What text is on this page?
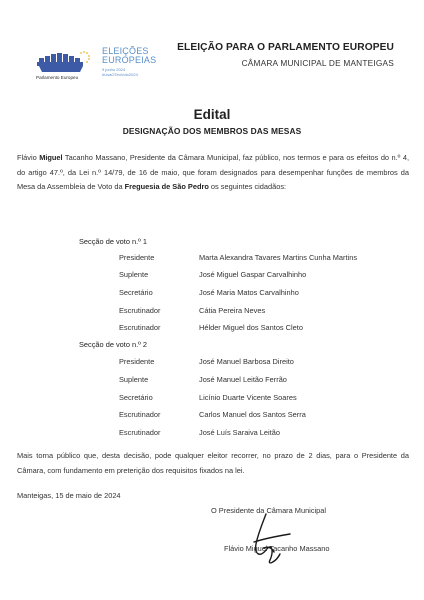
Parlamento Europeu
ELEIÇÕES
EUROPEIAS
9 junho 2024
#UsaOTeuVoto2024
ELEIÇÃO PARA O PARLAMENTO EUROPEU
CÂMARA MUNICIPAL DE MANTEIGAS
Edital
DESIGNAÇÃO DOS MEMBROS DAS MESAS
Flávio Miguel Tacanho Massano, Presidente da Câmara Municipal, faz público, nos termos e para os efeitos do n.º 4, do artigo 47.º, da Lei n.º 14/79, de 16 de maio, que foram designados para desempenhar funções de membros da Mesa da Assembleia de Voto da Freguesia de São Pedro os seguintes cidadãos:
Secção de voto n.º 1
Presidente	Marta Alexandra Tavares Martins Cunha Martins
Suplente	José Miguel Gaspar Carvalhinho
Secretário	José Maria Matos Carvalhinho
Escrutinador	Cátia Pereira Neves
Escrutinador	Hélder Miguel dos Santos Cleto
Secção de voto n.º 2
Presidente	José Manuel Barbosa Direito
Suplente	José Manuel Leitão Ferrão
Secretário	Licínio Duarte Vicente Soares
Escrutinador	Carlos Manuel dos Santos Serra
Escrutinador	José Luís Saraiva Leitão
Mais torna público que, desta decisão, pode qualquer eleitor recorrer, no prazo de 2 dias, para o Presidente da Câmara, com fundamento em preterição dos requisitos fixados na lei.
Manteigas, 15 de maio de 2024
O Presidente da Câmara Municipal
Flávio Miguel Tacanho Massano
